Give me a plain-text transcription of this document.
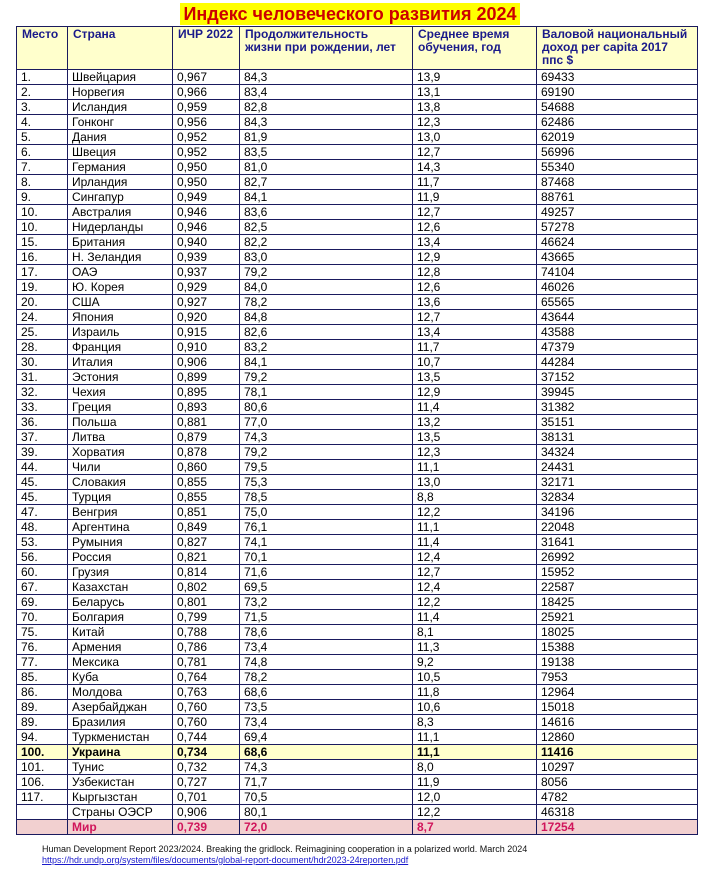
Индекс человеческого развития 2024
Место	Страна	ИЧР 2022	Продолжительность жизни при рождении, лет	Среднее время обучения, год	Валовой национальный доход per capita 2017 ппс $
1.	Швейцария	0,967	84,3	13,9	69433
2.	Норвегия	0,966	83,4	13,1	69190
3.	Исландия	0,959	82,8	13,8	54688
4.	Гонконг	0,956	84,3	12,3	62486
5.	Дания	0,952	81,9	13,0	62019
6.	Швеция	0,952	83,5	12,7	56996
7.	Германия	0,950	81,0	14,3	55340
8.	Ирландия	0,950	82,7	11,7	87468
9.	Сингапур	0,949	84,1	11,9	88761
10.	Австралия	0,946	83,6	12,7	49257
10.	Нидерланды	0,946	82,5	12,6	57278
15.	Британия	0,940	82,2	13,4	46624
16.	Н. Зеландия	0,939	83,0	12,9	43665
17.	ОАЭ	0,937	79,2	12,8	74104
19.	Ю. Корея	0,929	84,0	12,6	46026
20.	США	0,927	78,2	13,6	65565
24.	Япония	0,920	84,8	12,7	43644
25.	Израиль	0,915	82,6	13,4	43588
28.	Франция	0,910	83,2	11,7	47379
30.	Италия	0,906	84,1	10,7	44284
31.	Эстония	0,899	79,2	13,5	37152
32.	Чехия	0,895	78,1	12,9	39945
33.	Греция	0,893	80,6	11,4	31382
36.	Польша	0,881	77,0	13,2	35151
37.	Литва	0,879	74,3	13,5	38131
39.	Хорватия	0,878	79,2	12,3	34324
44.	Чили	0,860	79,5	11,1	24431
45.	Словакия	0,855	75,3	13,0	32171
45.	Турция	0,855	78,5	8,8	32834
47.	Венгрия	0,851	75,0	12,2	34196
48.	Аргентина	0,849	76,1	11,1	22048
53.	Румыния	0,827	74,1	11,4	31641
56.	Россия	0,821	70,1	12,4	26992
60.	Грузия	0,814	71,6	12,7	15952
67.	Казахстан	0,802	69,5	12,4	22587
69.	Беларусь	0,801	73,2	12,2	18425
70.	Болгария	0,799	71,5	11,4	25921
75.	Китай	0,788	78,6	8,1	18025
76.	Армения	0,786	73,4	11,3	15388
77.	Мексика	0,781	74,8	9,2	19138
85.	Куба	0,764	78,2	10,5	7953
86.	Молдова	0,763	68,6	11,8	12964
89.	Азербайджан	0,760	73,5	10,6	15018
89.	Бразилия	0,760	73,4	8,3	14616
94.	Туркменистан	0,744	69,4	11,1	12860
100.	Украина	0,734	68,6	11,1	11416
101.	Тунис	0,732	74,3	8,0	10297
106.	Узбекистан	0,727	71,7	11,9	8056
117.	Кыргызстан	0,701	70,5	12,0	4782
	Страны ОЭСР	0,906	80,1	12,2	46318
	Мир	0,739	72,0	8,7	17254
Human Development Report 2023/2024. Breaking the gridlock. Reimagining cooperation in a polarized world. March 2024
https://hdr.undp.org/system/files/documents/global-report-document/hdr2023-24reporten.pdf
